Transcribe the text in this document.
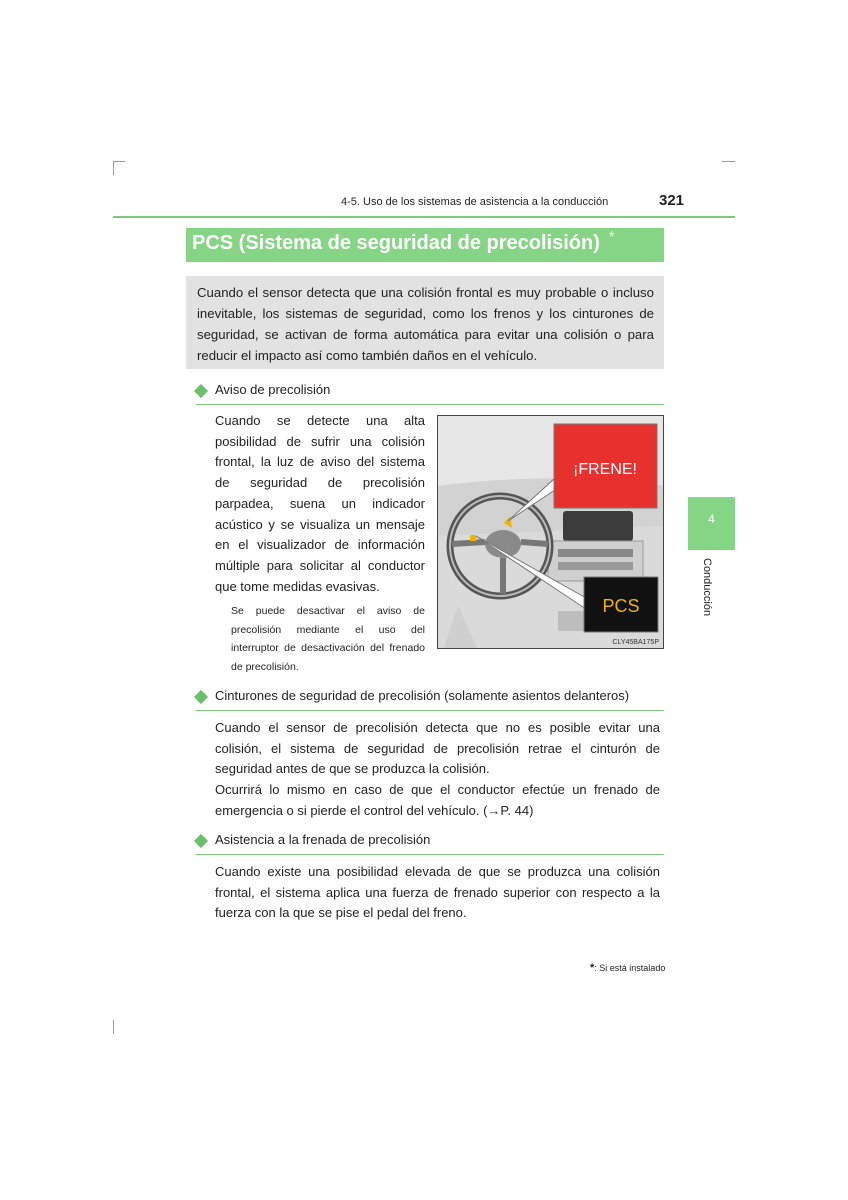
4-5. Uso de los sistemas de asistencia a la conducción	321
PCS (Sistema de seguridad de precolisión) *

Cuando el sensor detecta que una colisión frontal es muy probable o incluso inevitable, los sistemas de seguridad, como los frenos y los cinturones de seguridad, se activan de forma automática para evitar una colisión o para reducir el impacto así como también daños en el vehículo.

Aviso de precolisión

Cuando se detecte una alta posibilidad de sufrir una colisión frontal, la luz de aviso del sistema de seguridad de precolisión parpadea, suena un indicador acústico y se visualiza un mensaje en el visualizador de información múltiple para solicitar al conductor que tome medidas evasivas.

Se puede desactivar el aviso de precolisión mediante el uso del interruptor de desactivación del frenado de precolisión.
¡FRENE!
PCS
CLY45BA175P
Cinturones de seguridad de precolisión (solamente asientos delanteros)

Cuando el sensor de precolisión detecta que no es posible evitar una colisión, el sistema de seguridad de precolisión retrae el cinturón de seguridad antes de que se produzca la colisión.

Ocurrirá lo mismo en caso de que el conductor efectúe un frenado de emergencia o si pierde el control del vehículo. (→P. 44)

Asistencia a la frenada de precolisión

Cuando existe una posibilidad elevada de que se produzca una colisión frontal, el sistema aplica una fuerza de frenado superior con respecto a la fuerza con la que se pise el pedal del freno.

4
Conducción
*: Si está instalado
